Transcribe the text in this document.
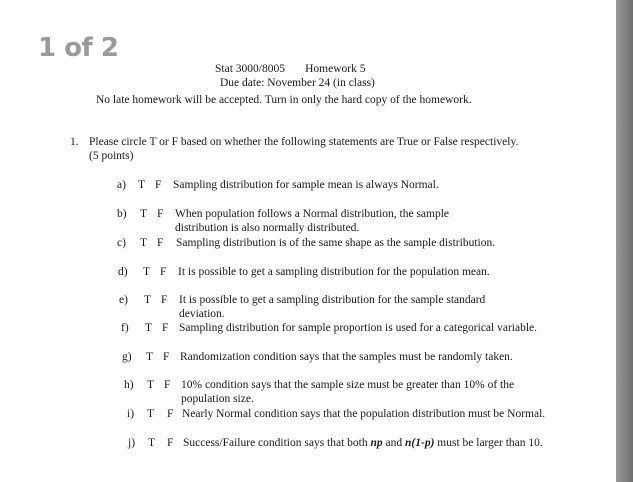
1 of 2
Stat 3000/8005       Homework 5
Due date: November 24 (in class)
No late homework will be accepted. Turn in only the hard copy of the homework.
1. Please circle T or F based on whether the following statements are True or False respectively. (5 points)
a) T F Sampling distribution for sample mean is always Normal.
b) T F When population follows a Normal distribution, the sample distribution is also normally distributed.
c) T F Sampling distribution is of the same shape as the sample distribution.
d) T F It is possible to get a sampling distribution for the population mean.
e) T F It is possible to get a sampling distribution for the sample standard deviation.
f) T F Sampling distribution for sample proportion is used for a categorical variable.
g) T F Randomization condition says that the samples must be randomly taken.
h) T F 10% condition says that the sample size must be greater than 10% of the population size.
i) T F Nearly Normal condition says that the population distribution must be Normal.
j) T F Success/Failure condition says that both np and n(1-p) must be larger than 10.
